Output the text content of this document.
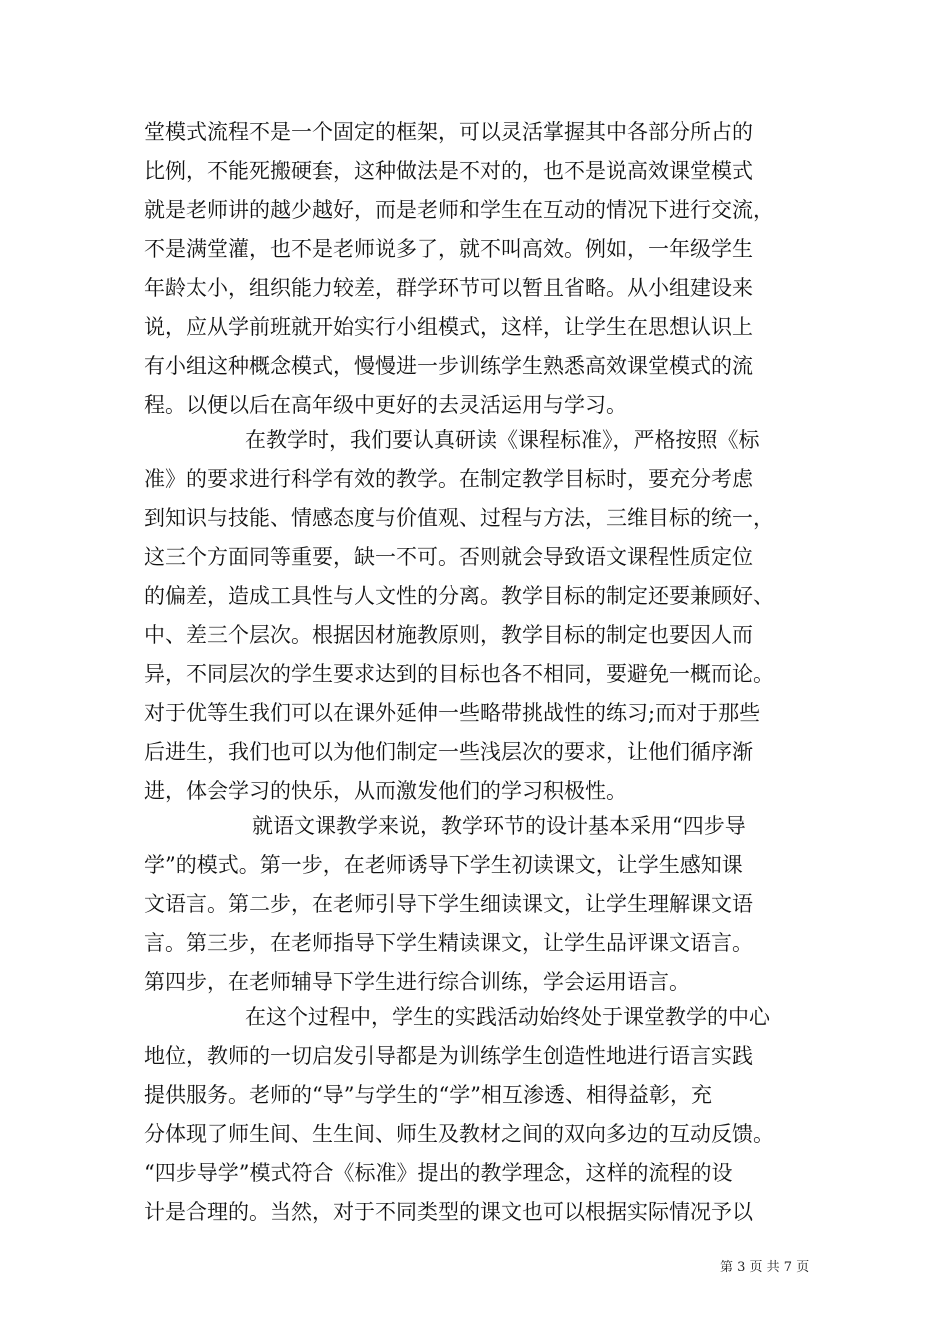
堂模式流程不是一个固定的框架，可以灵活掌握其中各部分所占的
比例，不能死搬硬套，这种做法是不对的，也不是说高效课堂模式
就是老师讲的越少越好，而是老师和学生在互动的情况下进行交流，
不是满堂灌，也不是老师说多了，就不叫高效。例如，一年级学生
年龄太小，组织能力较差，群学环节可以暂且省略。从小组建设来
说，应从学前班就开始实行小组模式，这样，让学生在思想认识上
有小组这种概念模式，慢慢进一步训练学生熟悉高效课堂模式的流
程。以便以后在高年级中更好的去灵活运用与学习。
在教学时，我们要认真研读《课程标准》，严格按照《标
准》的要求进行科学有效的教学。在制定教学目标时，要充分考虑
到知识与技能、情感态度与价值观、过程与方法，三维目标的统一，
这三个方面同等重要，缺一不可。否则就会导致语文课程性质定位
的偏差，造成工具性与人文性的分离。教学目标的制定还要兼顾好、
中、差三个层次。根据因材施教原则，教学目标的制定也要因人而
异，不同层次的学生要求达到的目标也各不相同，要避免一概而论。
对于优等生我们可以在课外延伸一些略带挑战性的练习;而对于那些
后进生，我们也可以为他们制定一些浅层次的要求，让他们循序渐
进，体会学习的快乐，从而激发他们的学习积极性。
就语文课教学来说，教学环节的设计基本采用“四步导
学”的模式。第一步，在老师诱导下学生初读课文，让学生感知课
文语言。第二步，在老师引导下学生细读课文，让学生理解课文语
言。第三步，在老师指导下学生精读课文，让学生品评课文语言。
第四步，在老师辅导下学生进行综合训练，学会运用语言。
在这个过程中，学生的实践活动始终处于课堂教学的中心
地位，教师的一切启发引导都是为训练学生创造性地进行语言实践
提供服务。老师的“导”与学生的“学”相互渗透、相得益彰，充
分体现了师生间、生生间、师生及教材之间的双向多边的互动反馈。
“四步导学”模式符合《标准》提出的教学理念，这样的流程的设
计是合理的。当然，对于不同类型的课文也可以根据实际情况予以
第 3 页 共 7 页
